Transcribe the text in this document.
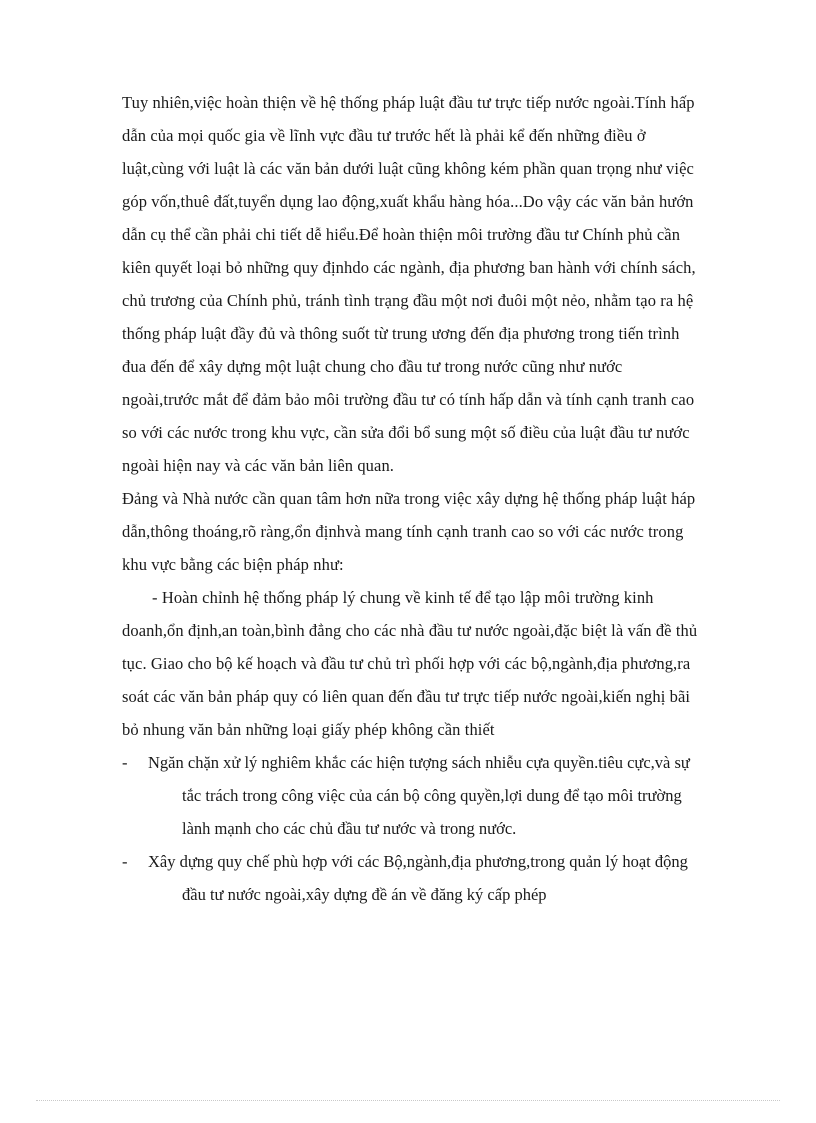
Tuy nhiên,việc hoàn thiện về hệ thống pháp luật đầu tư trực tiếp nước ngoài.Tính hấp dẫn của mọi quốc gia về lĩnh vực đầu tư trước hết là phải kể đến những điều ở luật,cùng với luật là các văn bản dưới luật cũng không kém phần quan trọng như việc góp vốn,thuê đất,tuyển dụng lao động,xuất khẩu hàng hóa...Do vậy các văn bản hướn dẫn cụ thể cần phải chi tiết dễ hiểu.Để hoàn thiện môi trường đầu tư Chính phủ cần kiên quyết loại bỏ những quy địnhdo các ngành, địa phương ban hành với chính sách, chủ trương của Chính phủ, tránh tình trạng đầu một nơi đuôi một nẻo, nhằm tạo ra hệ thống pháp luật đầy đủ và thông suốt từ trung ương đến địa phương trong tiến trình đua đến để xây dựng một luật chung cho đầu tư trong nước cũng như nước ngoài,trước mắt để đảm bảo môi trường đầu tư có tính hấp dẫn và tính cạnh tranh cao so với các nước trong khu vực, cần sửa đổi bổ sung một số điều của luật đầu tư nước ngoài hiện nay và các văn bản liên quan.

Đảng và Nhà nước cần quan tâm hơn nữa trong việc xây dựng hệ thống pháp luật háp dẫn,thông thoáng,rõ ràng,ổn địnhvà mang tính cạnh tranh cao so với các nước trong khu vực bằng các biện pháp như:

- Hoàn chỉnh hệ thống pháp lý chung về kinh tế để tạo lập môi trường kinh doanh,ổn định,an toàn,bình đẳng cho các nhà đầu tư nước ngoài,đặc biệt là vấn đề thủ tục. Giao cho bộ kế hoạch và đầu tư chủ trì phối hợp với các bộ,ngành,địa phương,ra soát các văn bản pháp quy có liên quan đến đầu tư trực tiếp nước ngoài,kiến nghị bãi bỏ nhung văn bản những loại giấy phép không cần thiết

-	Ngăn chặn xử lý nghiêm khắc các hiện tượng sách nhiễu cựa quyền.tiêu cực,và sự tắc trách trong công việc của cán bộ công quyền,lợi dung để tạo môi trường lành mạnh cho các chủ đầu tư nước và trong nước.
-	Xây dựng quy chế phù hợp với các Bộ,ngành,địa phương,trong quản lý hoạt động đầu tư nước ngoài,xây dựng đề án về đăng ký cấp phép
